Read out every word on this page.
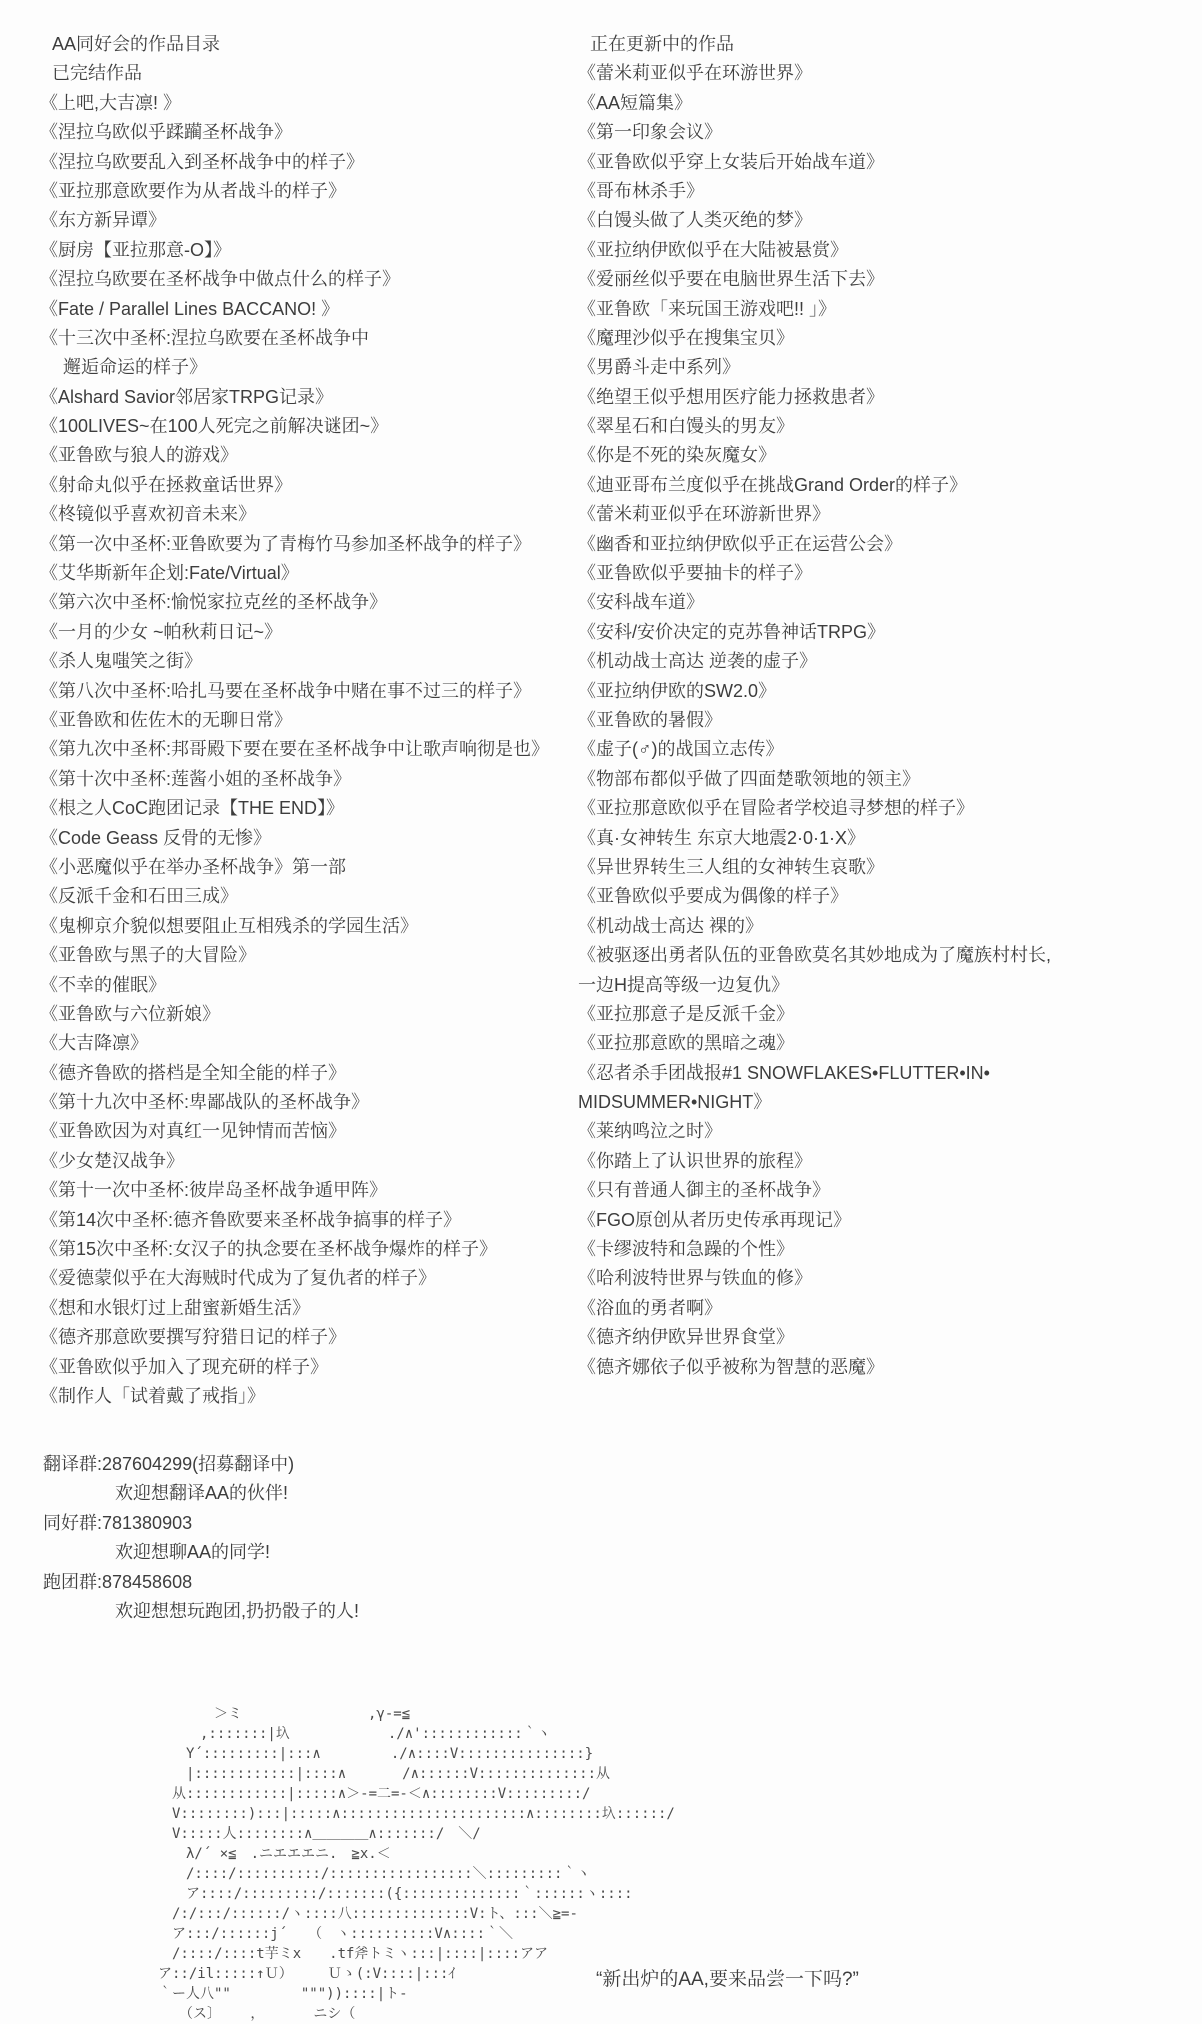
AA同好会的作品目录
已完结作品
《上吧,大吉凛! 》
《涅拉乌欧似乎蹂躏圣杯战争》
《涅拉乌欧要乱入到圣杯战争中的样子》
《亚拉那意欧要作为从者战斗的样子》
《东方新异谭》
《厨房【亚拉那意-O】》
《涅拉乌欧要在圣杯战争中做点什么的样子》
《Fate / Parallel Lines BACCANO! 》
《十三次中圣杯:涅拉乌欧要在圣杯战争中
　 邂逅命运的样子》
《Alshard Savior邻居家TRPG记录》
《100LIVES~在100人死完之前解决谜团~》
《亚鲁欧与狼人的游戏》
《射命丸似乎在拯救童话世界》
《柊镜似乎喜欢初音未来》
《第一次中圣杯:亚鲁欧要为了青梅竹马参加圣杯战争的样子》
《艾华斯新年企划:Fate/Virtual》
《第六次中圣杯:愉悦家拉克丝的圣杯战争》
《一月的少女 ~帕秋莉日记~》
《杀人鬼嗤笑之街》
《第八次中圣杯:哈扎马要在圣杯战争中赌在事不过三的样子》
《亚鲁欧和佐佐木的无聊日常》
《第九次中圣杯:邦哥殿下要在要在圣杯战争中让歌声响彻是也》
《第十次中圣杯:莲酱小姐的圣杯战争》
《根之人CoC跑团记录【THE END】》
《Code Geass 反骨的无惨》
《小恶魔似乎在举办圣杯战争》第一部
《反派千金和石田三成》
《鬼柳京介貌似想要阻止互相残杀的学园生活》
《亚鲁欧与黑子的大冒险》
《不幸的催眠》
《亚鲁欧与六位新娘》
《大吉降凛》
《德齐鲁欧的搭档是全知全能的样子》
《第十九次中圣杯:卑鄙战队的圣杯战争》
《亚鲁欧因为对真红一见钟情而苦恼》
《少女楚汉战争》
《第十一次中圣杯:彼岸岛圣杯战争遁甲阵》
《第14次中圣杯:德齐鲁欧要来圣杯战争搞事的样子》
《第15次中圣杯:女汉子的执念要在圣杯战争爆炸的样子》
《爱德蒙似乎在大海贼时代成为了复仇者的样子》
《想和水银灯过上甜蜜新婚生活》
《德齐那意欧要撰写狩猎日记的样子》
《亚鲁欧似乎加入了现充研的样子》
《制作人「试着戴了戒指」》
正在更新中的作品
《蕾米莉亚似乎在环游世界》
《AA短篇集》
《第一印象会议》
《亚鲁欧似乎穿上女装后开始战车道》
《哥布林杀手》
《白馒头做了人类灭绝的梦》
《亚拉纳伊欧似乎在大陆被悬赏》
《爱丽丝似乎要在电脑世界生活下去》
《亚鲁欧「来玩国王游戏吧!! 」》
《魔理沙似乎在搜集宝贝》
《男爵斗走中系列》
《绝望王似乎想用医疗能力拯救患者》
《翠星石和白馒头的男友》
《你是不死的染灰魔女》
《迪亚哥布兰度似乎在挑战Grand Order的样子》
《蕾米莉亚似乎在环游新世界》
《幽香和亚拉纳伊欧似乎正在运营公会》
《亚鲁欧似乎要抽卡的样子》
《安科战车道》
《安科/安价决定的克苏鲁神话TRPG》
《机动战士高达 逆袭的虚子》
《亚拉纳伊欧的SW2.0》
《亚鲁欧的暑假》
《虚子(♂)的战国立志传》
《物部布都似乎做了四面楚歌领地的领主》
《亚拉那意欧似乎在冒险者学校追寻梦想的样子》
《真·女神转生 东京大地震2·0·1·X》
《异世界转生三人组的女神转生哀歌》
《亚鲁欧似乎要成为偶像的样子》
《机动战士高达 裸的》
《被驱逐出勇者队伍的亚鲁欧莫名其妙地成为了魔族村村长,
一边H提高等级一边复仇》
《亚拉那意子是反派千金》
《亚拉那意欧的黑暗之魂》
《忍者杀手团战报#1 SNOWFLAKES•FLUTTER•IN•
MIDSUMMER•NIGHT》
《莱纳鸣泣之时》
《你踏上了认识世界的旅程》
《只有普通人御主的圣杯战争》
《FGO原创从者历史传承再现记》
《卡缪波特和急躁的个性》
《哈利波特世界与铁血的修》
《浴血的勇者啊》
《德齐纳伊欧异世界食堂》
《德齐娜依子似乎被称为智慧的恶魔》
翻译群:287604299(招募翻译中)
欢迎想翻译AA的伙伴!
同好群:781380903
欢迎想聊AA的同学!
跑团群:878458608
欢迎想想玩跑团,扔扔骰子的人!

　　　　＞ミ　　　　　　　　　,γ-=≦
　　　,:::::::|圦　　　　　　　./∧'::::::::::::｀ヽ
　　Y´:::::::::|:::∧　　　　　./∧::::V:::::::::::::::}
　　|::::::::::::|::::∧　　　　/∧::::::V::::::::::::::从
　从::::::::::::|:::::∧＞-=二=-＜∧::::::::V:::::::::/
　V::::::::):::|:::::∧::::::::::::::::::::::∧::::::::圦::::::/
　V:::::人::::::::∧＿＿＿＿∧:::::::/　＼/
　　λ/´ ×≦　.ニエエエニ.　≧x.＜
　　/::::/::::::::::/:::::::::::::::::＼:::::::::｀ヽ
　　ア::::/:::::::::/:::::::({::::::::::::::｀::::::ヽ::::
　/:/:::/::::::/ヽ::::八::::::::::::::V:ト、:::＼≧=-
　ア:::/::::::j´　　（　ヽ::::::::::V∧::::｀＼
　/::::/::::t芋ミx　　.tf斧トミヽ:::|::::|::::アア
ア::/il:::::↑Ｕ）　　　Ｕゝ(:V::::|:::ｲ
｀ー人八""　　　　　"""))::::|ト-
　　（ス〕　　 ，　　　　ニシ（
“新出炉的AA,要来品尝一下吗?”
